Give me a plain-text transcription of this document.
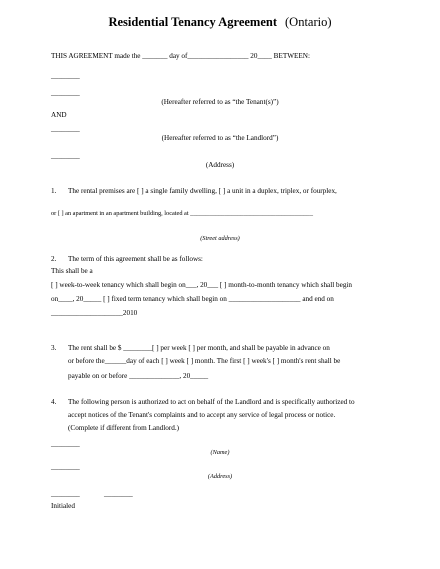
Residential Tenancy Agreement (Ontario)
THIS AGREEMENT made the _______ day of_________________ 20____ BETWEEN:
________
________
(Hereafter referred to as “the Tenant(s)”)
AND
________
(Hereafter referred to as “the Landlord”)
________
(Address)
1. The rental premises are [ ] a single family dwelling, [ ] a unit in a duplex, triplex, or fourplex,
or [ ] an apartment in an apartment building, located at _______________________________________
(Street address)
2. The term of this agreement shall be as follows:
This shall be a
[ ] week-to-week tenancy which shall begin on___, 20___ [ ] month-to-month tenancy which shall begin
on____, 20_____ [ ] fixed term tenancy which shall begin on ____________________ and end on
____________________2010
3. The rent shall be $ ________[ ] per week [ ] per month, and shall be payable in advance on
or before the______day of each [ ] week [ ] month. The first [ ] week's [ ] month's rent shall be
payable on or before ______________, 20_____
4. The following person is authorized to act on behalf of the Landlord and is specifically authorized to
accept notices of the Tenant's complaints and to accept any service of legal process or notice.
(Complete if different from Landlord.)
________
(Name)
________
(Address)
________	________
Initialed
